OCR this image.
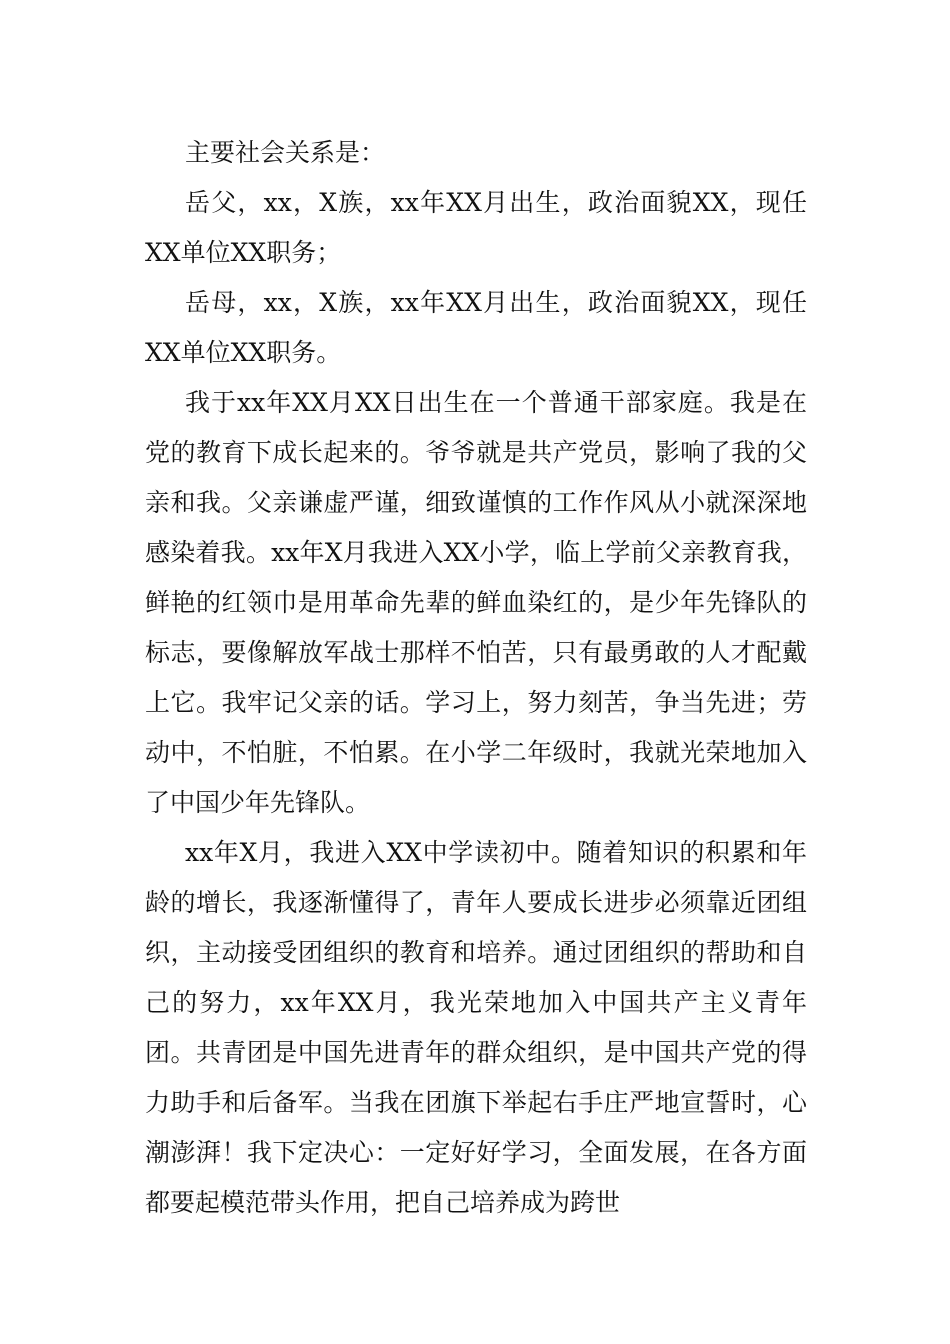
主要社会关系是：

岳父，xx，X族，xx年XX月出生，政治面貌XX，现任XX单位XX职务；

岳母，xx，X族，xx年XX月出生，政治面貌XX，现任XX单位XX职务。

我于xx年XX月XX日出生在一个普通干部家庭。我是在党的教育下成长起来的。爷爷就是共产党员，影响了我的父亲和我。父亲谦虚严谨，细致谨慎的工作作风从小就深深地感染着我。xx年X月我进入XX小学，临上学前父亲教育我，鲜艳的红领巾是用革命先辈的鲜血染红的，是少年先锋队的标志，要像解放军战士那样不怕苦，只有最勇敢的人才配戴上它。我牢记父亲的话。学习上，努力刻苦，争当先进；劳动中，不怕脏，不怕累。在小学二年级时，我就光荣地加入了中国少年先锋队。

xx年X月，我进入XX中学读初中。随着知识的积累和年龄的增长，我逐渐懂得了，青年人要成长进步必须靠近团组织，主动接受团组织的教育和培养。通过团组织的帮助和自己的努力，xx年XX月，我光荣地加入中国共产主义青年团。共青团是中国先进青年的群众组织，是中国共产党的得力助手和后备军。当我在团旗下举起右手庄严地宣誓时，心潮澎湃！我下定决心：一定好好学习，全面发展，在各方面都要起模范带头作用，把自己培养成为跨世
